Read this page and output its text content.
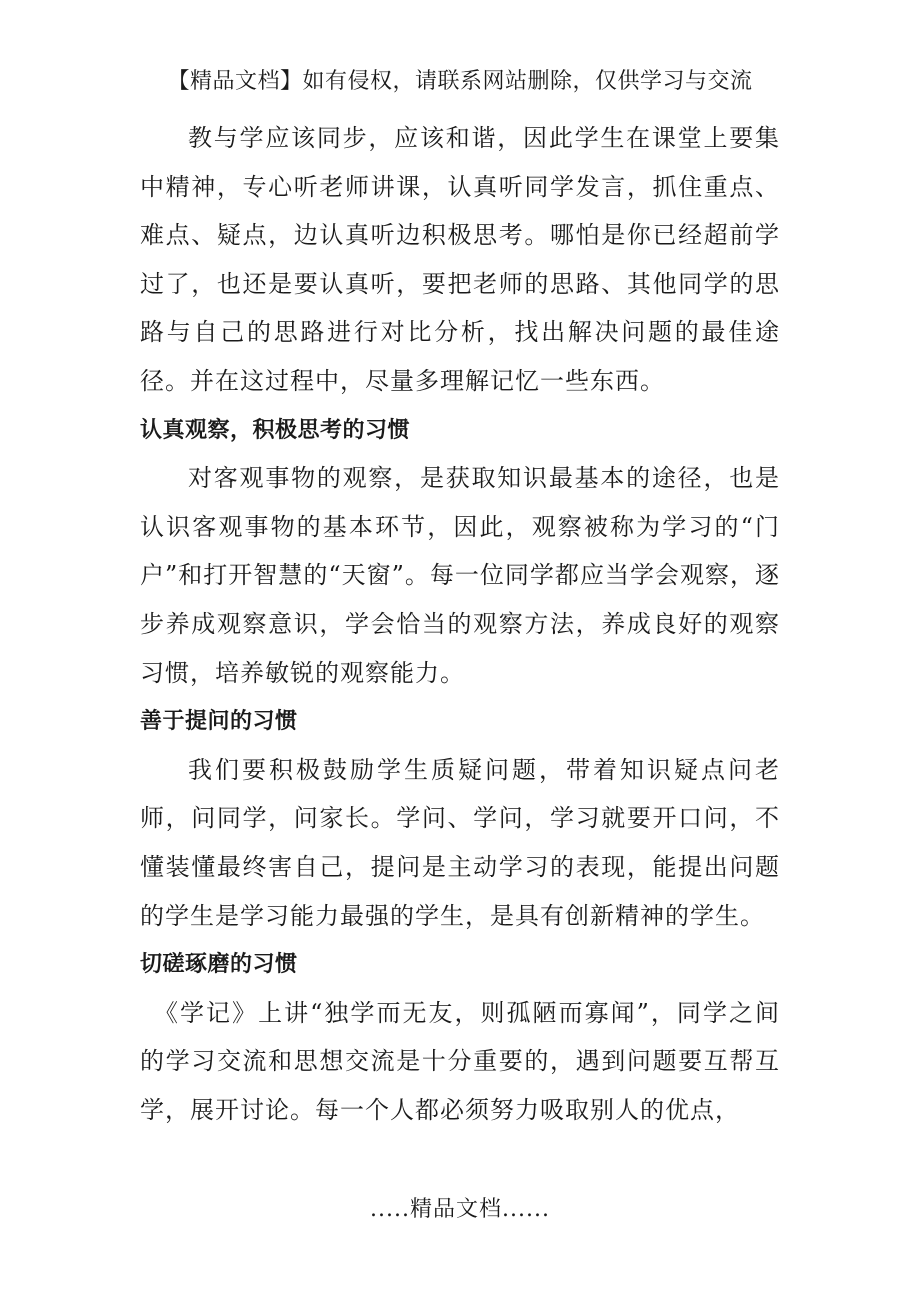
【精品文档】如有侵权，请联系网站删除，仅供学习与交流

教与学应该同步，应该和谐，因此学生在课堂上要集中精神，专心听老师讲课，认真听同学发言，抓住重点、难点、疑点，边认真听边积极思考。哪怕是你已经超前学过了，也还是要认真听，要把老师的思路、其他同学的思路与自己的思路进行对比分析，找出解决问题的最佳途径。并在这过程中，尽量多理解记忆一些东西。

认真观察，积极思考的习惯

对客观事物的观察，是获取知识最基本的途径，也是认识客观事物的基本环节，因此，观察被称为学习的“门户”和打开智慧的“天窗”。每一位同学都应当学会观察，逐步养成观察意识，学会恰当的观察方法，养成良好的观察习惯，培养敏锐的观察能力。

善于提问的习惯

我们要积极鼓励学生质疑问题，带着知识疑点问老师，问同学，问家长。学问、学问，学习就要开口问，不懂装懂最终害自己，提问是主动学习的表现，能提出问题的学生是学习能力最强的学生，是具有创新精神的学生。

切磋琢磨的习惯

《学记》上讲“独学而无友，则孤陋而寡闻”，同学之间的学习交流和思想交流是十分重要的，遇到问题要互帮互学，展开讨论。每一个人都必须努力吸取别人的优点，

.....精品文档......
